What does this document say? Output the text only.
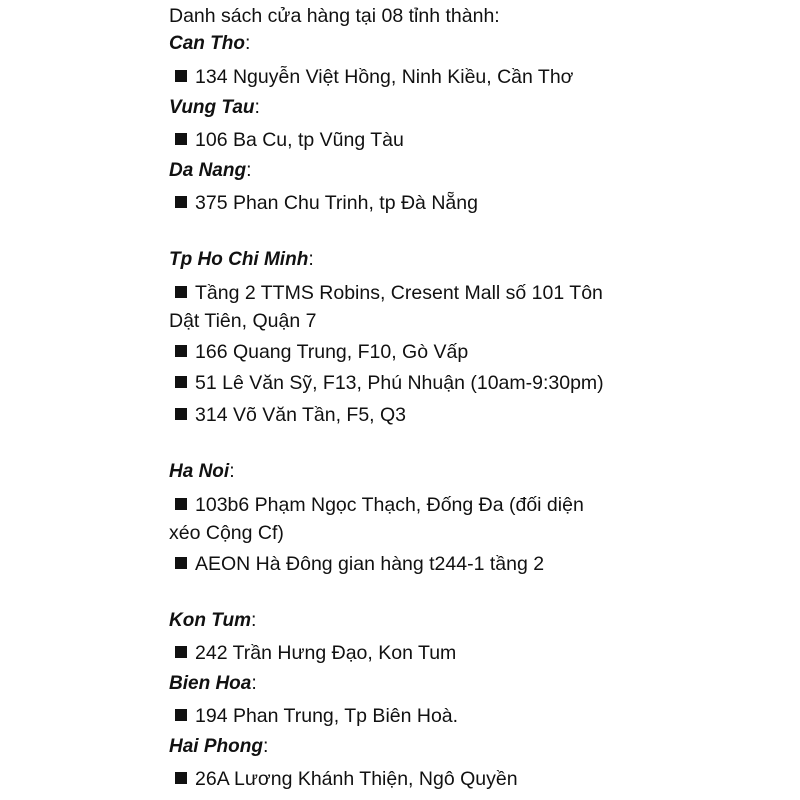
Danh sách cửa hàng tại 08 tỉnh thành:
Can Tho:
134 Nguyễn Việt Hồng, Ninh Kiều, Cần Thơ
Vung Tau:
106 Ba Cu, tp Vũng Tàu
Da Nang:
375 Phan Chu Trinh, tp Đà Nẵng
Tp Ho Chi Minh:
Tầng 2 TTMS Robins, Cresent Mall số 101 Tôn
Dật Tiên, Quận 7
166 Quang Trung, F10, Gò Vấp
51 Lê Văn Sỹ, F13, Phú Nhuận (10am-9:30pm)
314 Võ Văn Tần, F5, Q3
Ha Noi:
103b6 Phạm Ngọc Thạch, Đống Đa (đối diện
xéo Cộng Cf)
AEON Hà Đông gian hàng t244-1 tầng 2
Kon Tum:
242 Trần Hưng Đạo, Kon Tum
Bien Hoa:
194 Phan Trung, Tp Biên Hoà.
Hai Phong:
26A Lương Khánh Thiện, Ngô Quyền
